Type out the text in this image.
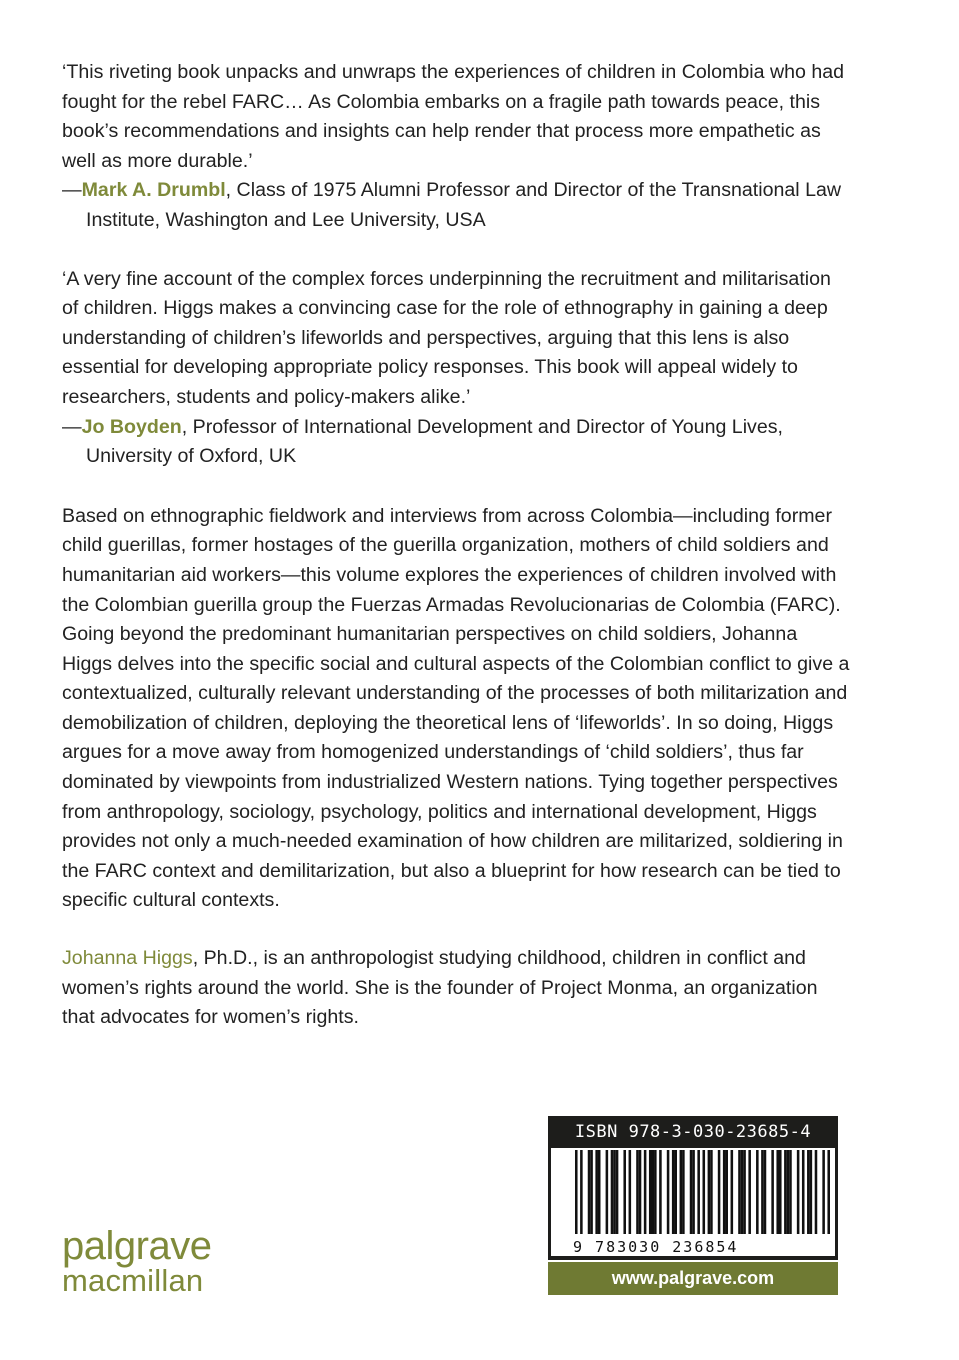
‘This riveting book unpacks and unwraps the experiences of children in Colombia who had fought for the rebel FARC… As Colombia embarks on a fragile path towards peace, this book’s recommendations and insights can help render that process more empathetic as well as more durable.’

—Mark A. Drumbl, Class of 1975 Alumni Professor and Director of the Transnational Law Institute, Washington and Lee University, USA

‘A very fine account of the complex forces underpinning the recruitment and militarisation of children. Higgs makes a convincing case for the role of ethnography in gaining a deep understanding of children’s lifeworlds and perspectives, arguing that this lens is also essential for developing appropriate policy responses. This book will appeal widely to researchers, students and policy-makers alike.’

—Jo Boyden, Professor of International Development and Director of Young Lives, University of Oxford, UK

Based on ethnographic fieldwork and interviews from across Colombia—including former child guerillas, former hostages of the guerilla organization, mothers of child soldiers and humanitarian aid workers—this volume explores the experiences of children involved with the Colombian guerilla group the Fuerzas Armadas Revolucionarias de Colombia (FARC). Going beyond the predominant humanitarian perspectives on child soldiers, Johanna Higgs delves into the specific social and cultural aspects of the Colombian conflict to give a contextualized, culturally relevant understanding of the processes of both militarization and demobilization of children, deploying the theoretical lens of ‘lifeworlds’. In so doing, Higgs argues for a move away from homogenized understandings of ‘child soldiers’, thus far dominated by viewpoints from industrialized Western nations. Tying together perspectives from anthropology, sociology, psychology, politics and international development, Higgs provides not only a much-needed examination of how children are militarized, soldiering in the FARC context and demilitarization, but also a blueprint for how research can be tied to specific cultural contexts.

Johanna Higgs, Ph.D., is an anthropologist studying childhood, children in conflict and women’s rights around the world. She is the founder of Project Monma, an organization that advocates for women’s rights.

palgrave
macmillan
ISBN 978-3-030-23685-4
9 783030 236854
www.palgrave.com
